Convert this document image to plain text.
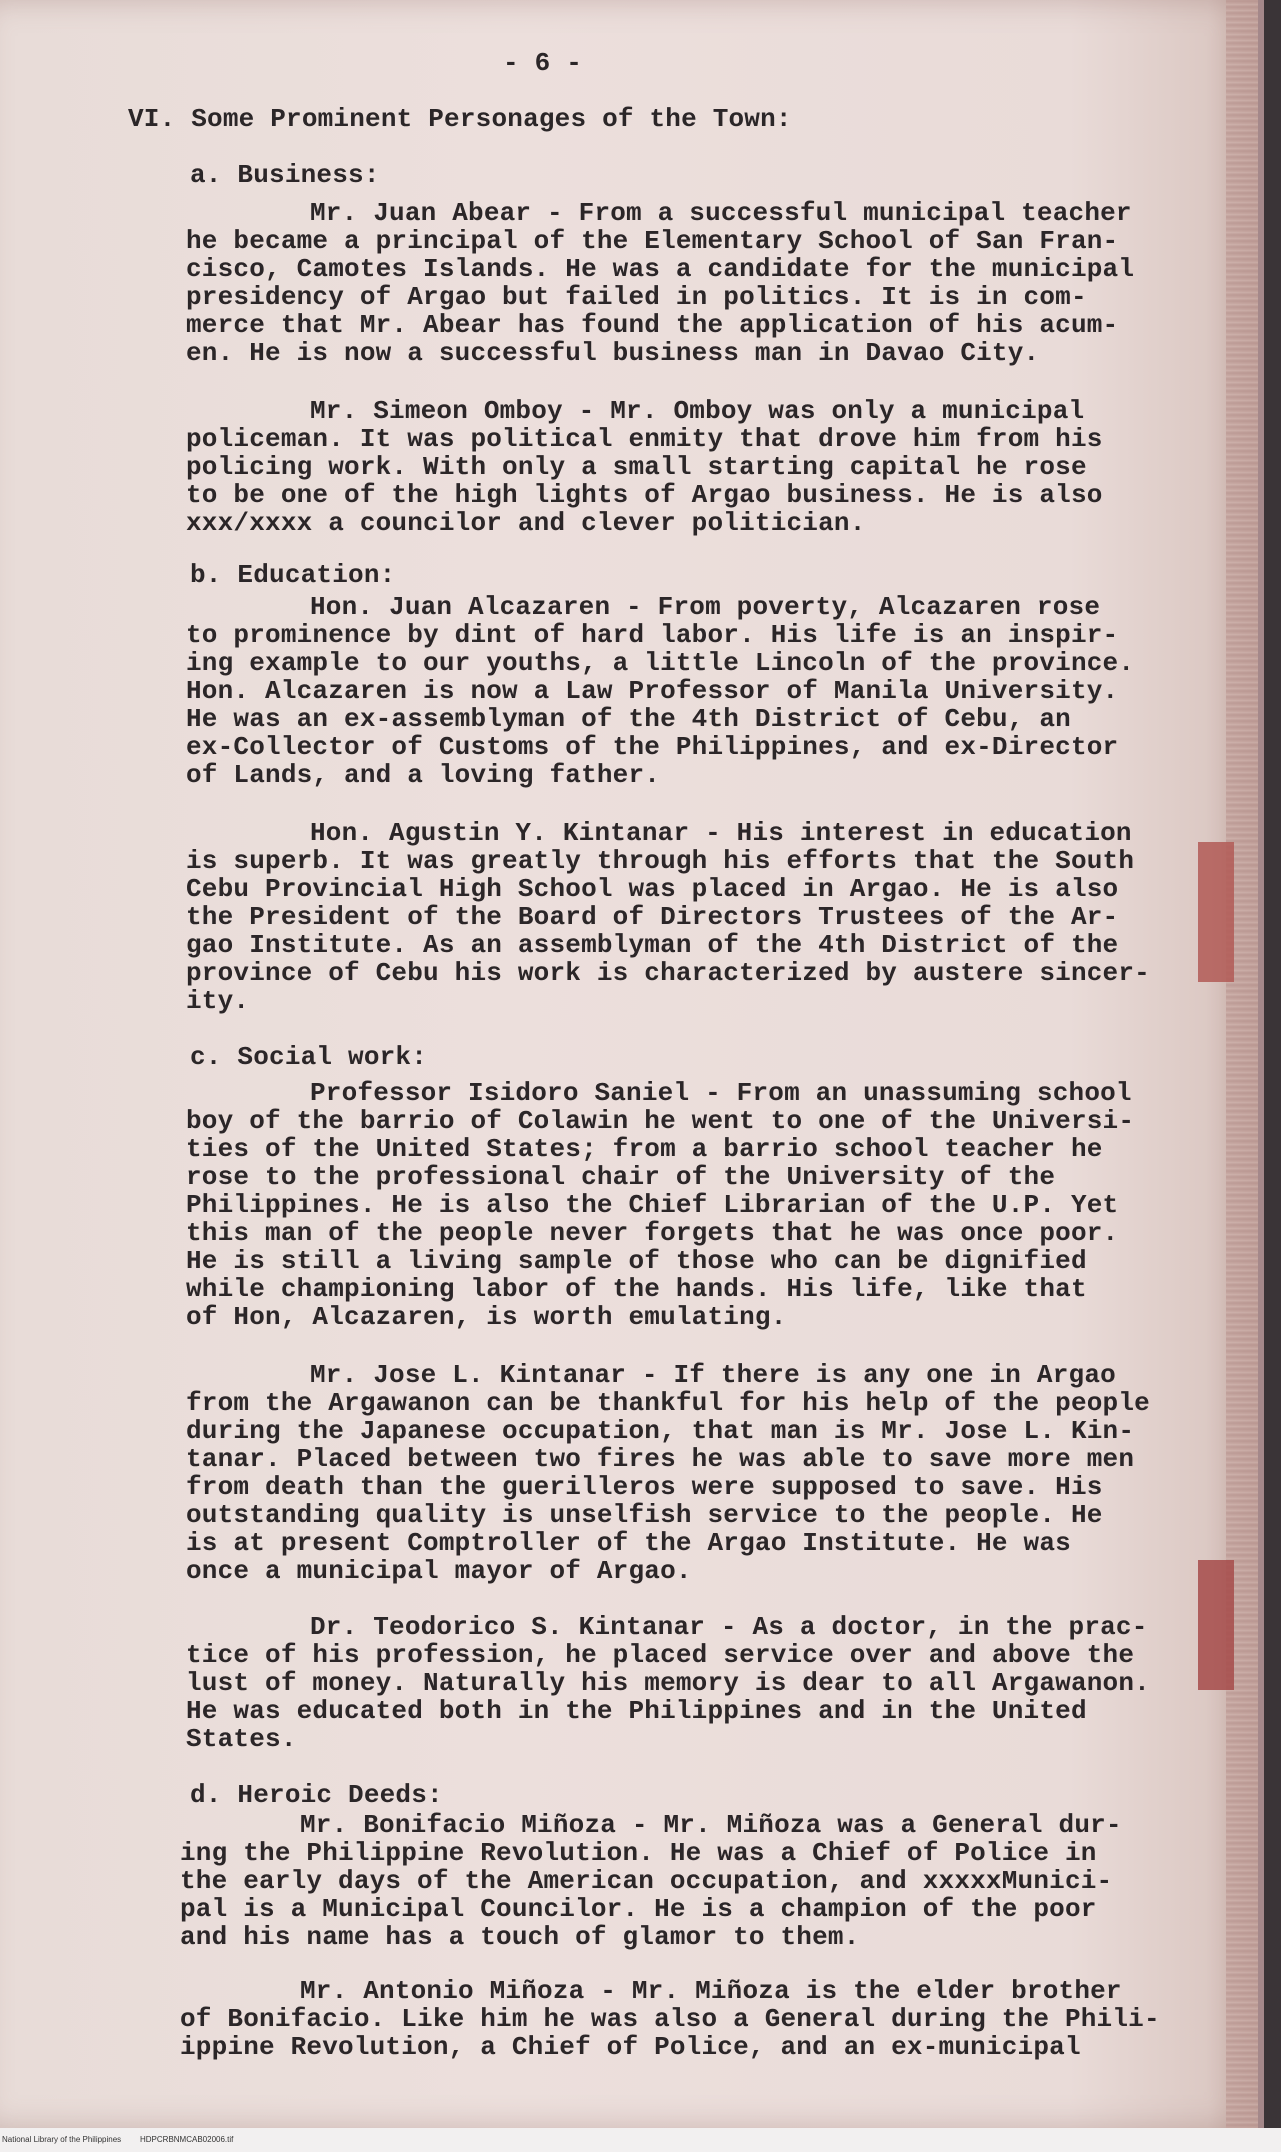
- 6 -

VI. Some Prominent Personages of the Town:

a. Business:

Mr. Juan Abear - From a successful municipal teacher

he became a principal of the Elementary School of San Fran-

cisco, Camotes Islands. He was a candidate for the municipal

presidency of Argao but failed in politics. It is in com-

merce that Mr. Abear has found the application of his acum-

en. He is now a successful business man in Davao City.

Mr. Simeon Omboy - Mr. Omboy was only a municipal

policeman. It was political enmity that drove him from his

policing work. With only a small starting capital he rose

to be one of the high lights of Argao business. He is also

xxx/xxxx a councilor and clever politician.

b. Education:

Hon. Juan Alcazaren - From poverty, Alcazaren rose

to prominence by dint of hard labor. His life is an inspir-

ing example to our youths, a little Lincoln of the province.

Hon. Alcazaren is now a Law Professor of Manila University.

He was an ex-assemblyman of the 4th District of Cebu, an

ex-Collector of Customs of the Philippines, and ex-Director

of Lands, and a loving father.

Hon. Agustin Y. Kintanar - His interest in education

is superb. It was greatly through his efforts that the South

Cebu Provincial High School was placed in Argao. He is also

the President of the Board of Directors Trustees of the Ar-

gao Institute. As an assemblyman of the 4th District of the

province of Cebu his work is characterized by austere sincer-

ity.

c. Social work:

Professor Isidoro Saniel - From an unassuming school

boy of the barrio of Colawin he went to one of the Universi-

ties of the United States; from a barrio school teacher he

rose to the professional chair of the University of the

Philippines. He is also the Chief Librarian of the U.P. Yet

this man of the people never forgets that he was once poor.

He is still a living sample of those who can be dignified

while championing labor of the hands. His life, like that

of Hon, Alcazaren, is worth emulating.

Mr. Jose L. Kintanar - If there is any one in Argao

from the Argawanon can be thankful for his help of the people

during the Japanese occupation, that man is Mr. Jose L. Kin-

tanar. Placed between two fires he was able to save more men

from death than the guerilleros were supposed to save. His

outstanding quality is unselfish service to the people. He

is at present Comptroller of the Argao Institute. He was

once a municipal mayor of Argao.

Dr. Teodorico S. Kintanar - As a doctor, in the prac-

tice of his profession, he placed service over and above the

lust of money. Naturally his memory is dear to all Argawanon.

He was educated both in the Philippines and in the United

States.

d. Heroic Deeds:

Mr. Bonifacio Miñoza - Mr. Miñoza was a General dur-

ing the Philippine Revolution. He was a Chief of Police in

the early days of the American occupation, and xxxxxMunici-

pal is a Municipal Councilor. He is a champion of the poor

and his name has a touch of glamor to them.

Mr. Antonio Miñoza - Mr. Miñoza is the elder brother

of Bonifacio. Like him he was also a General during the Phili-

ippine Revolution, a Chief of Police, and an ex-municipal

National Library of the Philippines HDPCRBNMCAB02006.tif
